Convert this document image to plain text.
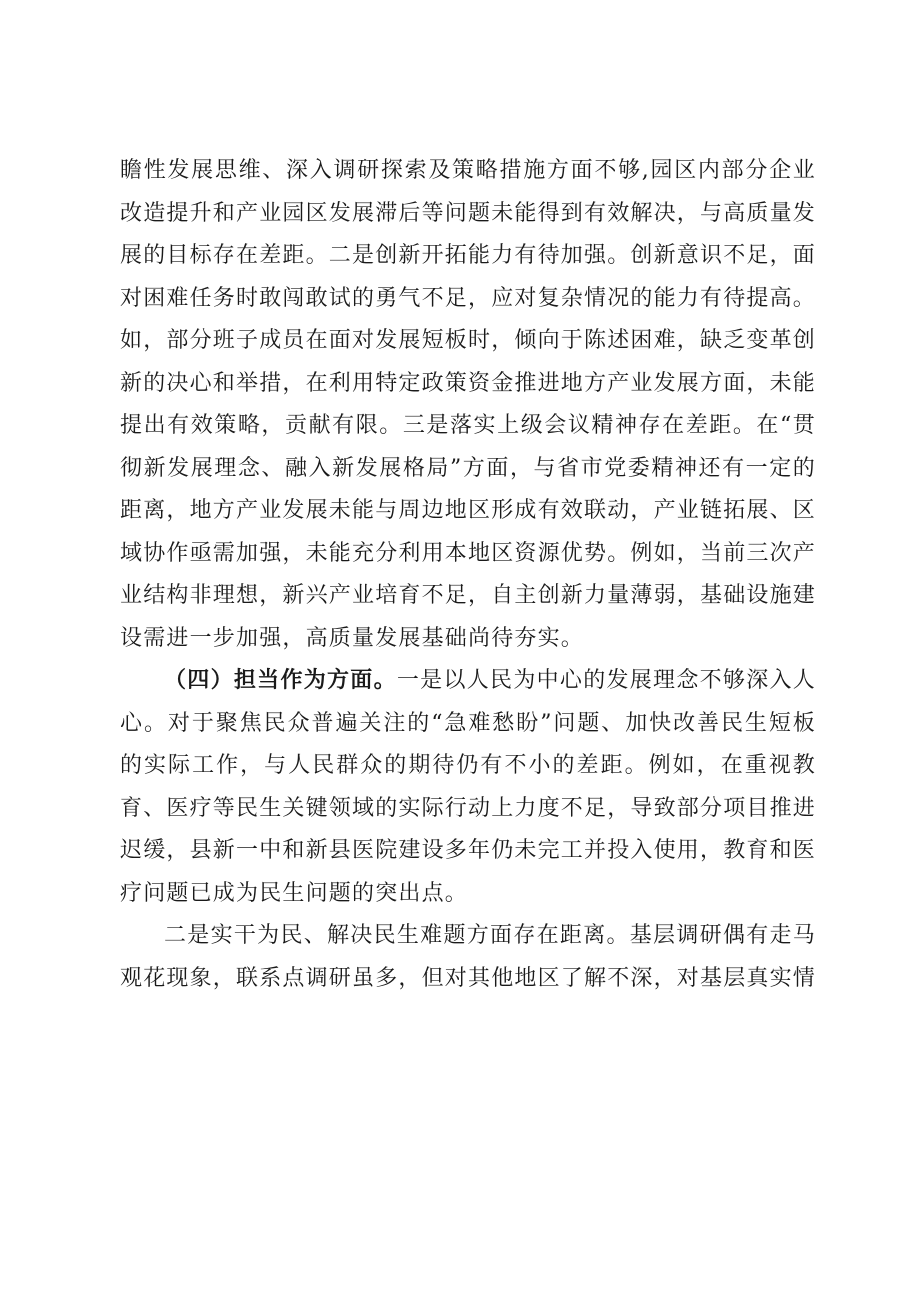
瞻性发展思维、深入调研探索及策略措施方面不够,园区内部分企业改造提升和产业园区发展滞后等问题未能得到有效解决，与高质量发展的目标存在差距。二是创新开拓能力有待加强。创新意识不足，面对困难任务时敢闯敢试的勇气不足，应对复杂情况的能力有待提高。如，部分班子成员在面对发展短板时，倾向于陈述困难，缺乏变革创新的决心和举措，在利用特定政策资金推进地方产业发展方面，未能提出有效策略，贡献有限。三是落实上级会议精神存在差距。在“贯彻新发展理念、融入新发展格局”方面，与省市党委精神还有一定的距离，地方产业发展未能与周边地区形成有效联动，产业链拓展、区域协作亟需加强，未能充分利用本地区资源优势。例如，当前三次产业结构非理想，新兴产业培育不足，自主创新力量薄弱，基础设施建设需进一步加强，高质量发展基础尚待夯实。

（四）担当作为方面。一是以人民为中心的发展理念不够深入人心。对于聚焦民众普遍关注的“急难愁盼”问题、加快改善民生短板的实际工作，与人民群众的期待仍有不小的差距。例如，在重视教育、医疗等民生关键领域的实际行动上力度不足，导致部分项目推进迟缓，县新一中和新县医院建设多年仍未完工并投入使用，教育和医疗问题已成为民生问题的突出点。

二是实干为民、解决民生难题方面存在距离。基层调研偶有走马观花现象，联系点调研虽多，但对其他地区了解不深，对基层真实情
